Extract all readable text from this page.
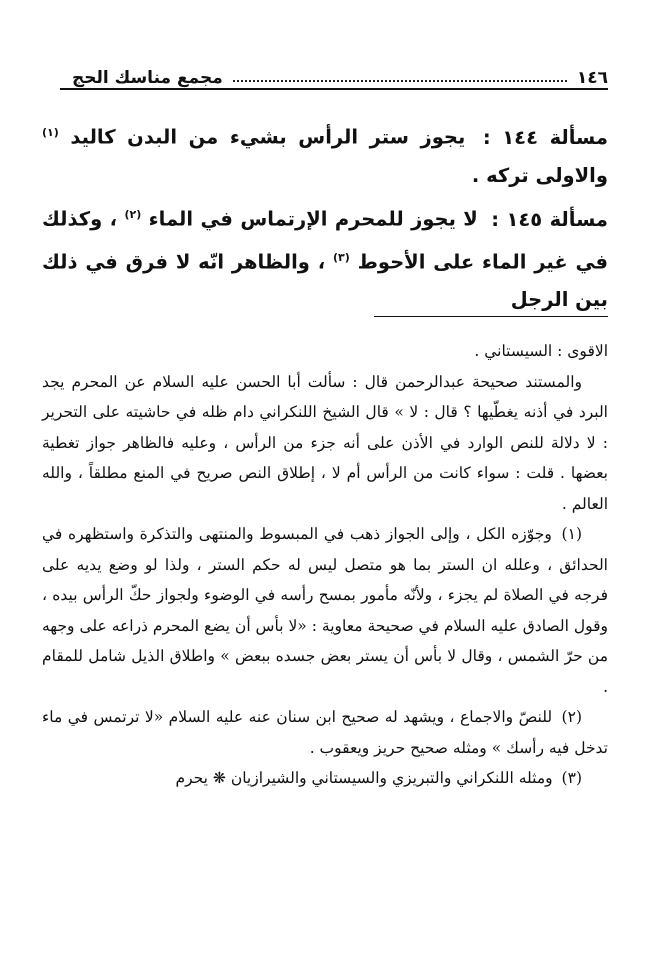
١٤٦
مجمع مناسك الحج
مسألة ١٤٤ : يجوز ستر الرأس بشيء من البدن كاليد $^{(١)}$ والاولى تركه .
مسألة ١٤٥ : لا يجوز للمحرم الإرتماس في الماء $^{(٢)}$ ، وكذلك في غير الماء على الأحوط $^{(٣)}$ ، والظاهر انّه لا فرق في ذلك بين الرجل

الاقوى : السيستاني .

والمستند صحيحة عبدالرحمن قال : سألت أبا الحسن عليه السلام عن المحرم يجد البرد في أذنه يغطّيها ؟ قال : لا » قال الشيخ اللنكراني دام ظله في حاشيته على التحرير : لا دلالة للنص الوارد في الأذن على أنه جزء من الرأس ، وعليه فالظاهر جواز تغطية بعضها . قلت : سواء كانت من الرأس أم لا ، إطلاق النص صريح في المنع مطلقاً ، والله العالم .

(١) وجوّزه الكل ، وإلى الجواز ذهب في المبسوط والمنتهى والتذكرة واستظهره في الحدائق ، وعلله ان الستر بما هو متصل ليس له حكم الستر ، ولذا لو وضع يديه على فرجه في الصلاة لم يجزء ، ولأنّه مأمور بمسح رأسه في الوضوء ولجواز حكّ الرأس بيده ، وقول الصادق عليه السلام في صحيحة معاوية : «لا بأس أن يضع المحرم ذراعه على وجهه من حرّ الشمس ، وقال لا بأس أن يستر بعض جسده ببعض » واطلاق الذيل شامل للمقام .

(٢) للنصّ والاجماع ، ويشهد له صحيح ابن سنان عنه عليه السلام «لا ترتمس في ماء تدخل فيه رأسك » ومثله صحيح حريز ويعقوب .

(٣) ومثله اللنكراني والتبريزي والسيستاني والشيرازيان ❋ يحرم
